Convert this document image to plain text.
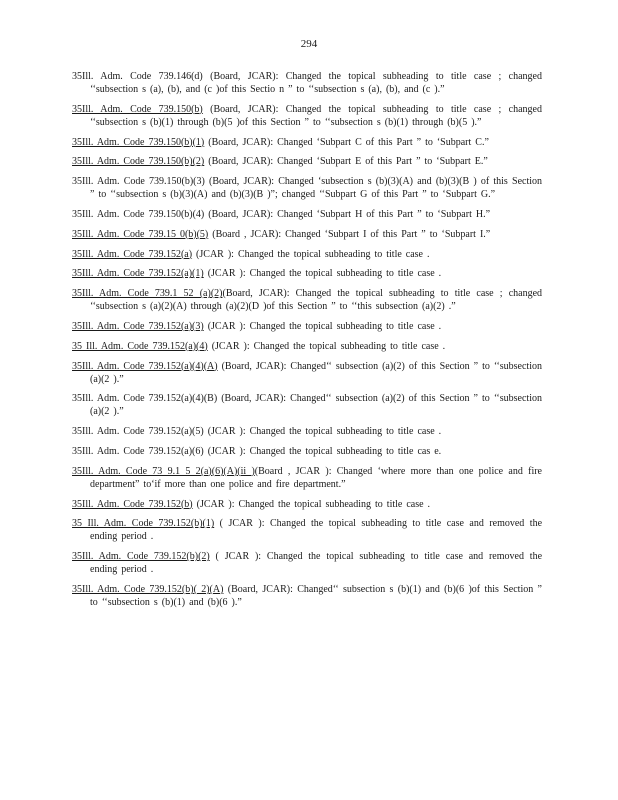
294

35Ill. Adm. Code 739.146(d) (Board, JCAR): Changed the topical subheading to title case ; changed ‘‘subsection s (a), (b), and (c )of this Sectio n ” to ‘‘subsection s (a), (b), and (c ).”

35Ill. Adm. Code 739.150(b) (Board, JCAR): Changed the topical subheading to title case ; changed ‘‘subsection s (b)(1) through (b)(5 )of this Section ” to ‘‘subsection s (b)(1) through (b)(5 ).”

35Ill. Adm. Code 739.150(b)(1) (Board, JCAR): Changed ‘Subpart C of this Part ” to ‘Subpart C.”

35Ill. Adm. Code 739.150(b)(2) (Board, JCAR): Changed ‘Subpart E of this Part ” to ‘Subpart E.”

35Ill. Adm. Code 739.150(b)(3) (Board, JCAR): Changed ‘subsection s (b)(3)(A) and (b)(3)(B ) of this Section ” to ‘‘subsection s (b)(3)(A) and (b)(3)(B )”; changed ‘‘Subpart G of this Part ” to ‘Subpart G.”

35Ill. Adm. Code 739.150(b)(4) (Board, JCAR): Changed ‘Subpart H of this Part ” to ‘Subpart H.”

35Ill. Adm. Code 739.15 0(b)(5) (Board , JCAR): Changed ‘Subpart I of this Part ” to ‘Subpart I.”

35Ill. Adm. Code 739.152(a) (JCAR ): Changed the topical subheading to title case .

35Ill. Adm. Code 739.152(a)(1) (JCAR ): Changed the topical subheading to title case .

35Ill. Adm. Code 739.1 52 (a)(2)(Board, JCAR): Changed the topical subheading to title case ; changed ‘‘subsection s (a)(2)(A) through (a)(2)(D )of this Section ” to ‘‘this subsection (a)(2) .”

35Ill. Adm. Code 739.152(a)(3) (JCAR ): Changed the topical subheading to title case .

35 Ill. Adm. Code 739.152(a)(4) (JCAR ): Changed the topical subheading to title case .

35Ill. Adm. Code 739.152(a)(4)(A) (Board, JCAR): Changed‘‘ subsection (a)(2) of this Section ” to ‘‘subsection (a)(2 ).”

35Ill. Adm. Code 739.152(a)(4)(B) (Board, JCAR): Changed‘‘ subsection (a)(2) of this Section ” to ‘‘subsection (a)(2 ).”

35Ill. Adm. Code 739.152(a)(5) (JCAR ): Changed the topical subheading to title case .

35Ill. Adm. Code 739.152(a)(6) (JCAR ): Changed the topical subheading to title cas e.

35Ill. Adm. Code 73 9.1 5 2(a)(6)(A)(ii )(Board , JCAR ): Changed ‘where more than one police and fire department” to‘if more than one police and fire department.”

35Ill. Adm. Code 739.152(b) (JCAR ): Changed the topical subheading to title case .

35 Ill. Adm. Code 739.152(b)(1) ( JCAR ): Changed the topical subheading to title case and removed the ending period .

35Ill. Adm. Code 739.152(b)(2) ( JCAR ): Changed the topical subheading to title case and removed the ending period .

35Ill. Adm. Code 739.152(b)( 2)(A) (Board, JCAR): Changed‘‘ subsection s (b)(1) and (b)(6 )of this Section ” to ‘‘subsection s (b)(1) and (b)(6 ).”
